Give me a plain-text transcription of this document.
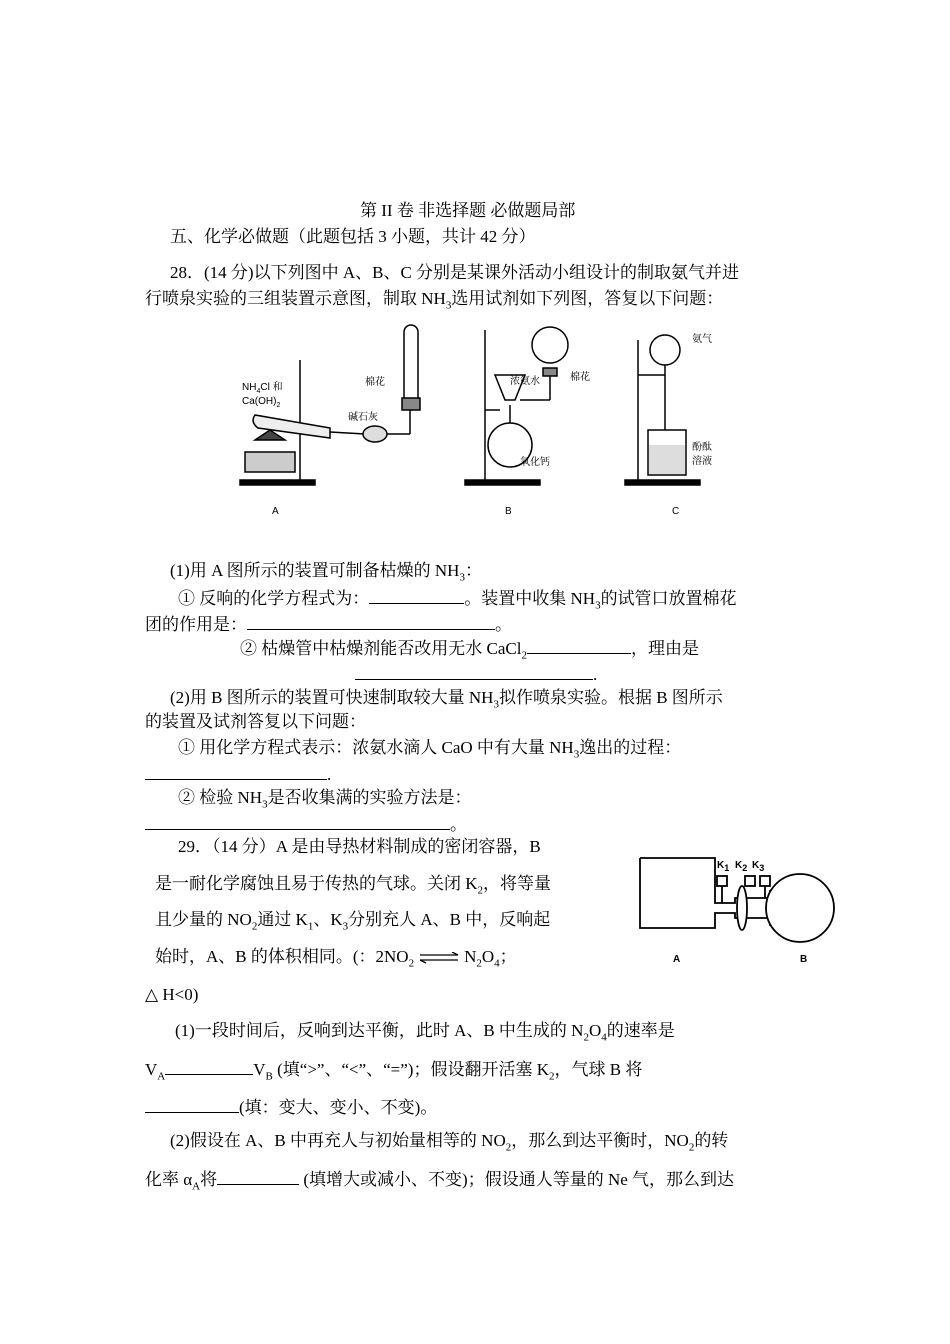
第 II 卷 非选择题 必做题局部
五、化学必做题（此题包括 3 小题，共计 42 分）
28．(14 分)以下列图中 A、B、C 分别是某课外活动小组设计的制取氨气并进
行喷泉实验的三组装置示意图，制取 $NH_3$选用试剂如下列图，答复以下问题：
$NH_4Cl$ 和
$Ca(OH)_2$
棉花
碱石灰
A
浓氨水	棉花
氧化钙
B
氨气
酚酞
溶液
C
(1)用 A 图所示的装置可制备枯燥的 $NH_3$：
① 反响的化学方程式为：	。装置中收集 $NH_3$的试管口放置棉花
团的作用是：	。
② 枯燥管中枯燥剂能否改用无水 CaCl$_2$	，理由是
.
(2)用 B 图所示的装置可快速制取较大量 $NH_3$拟作喷泉实验。根据 B 图所示
的装置及试剂答复以下问题：
① 用化学方程式表示：浓氨水滴人 CaO 中有大量 $NH_3$逸出的过程：
.
② 检验 $NH_3$是否收集满的实验方法是：
。
29．（14 分）A 是由导热材料制成的密闭容器，B
是一耐化学腐蚀且易于传热的气球。关闭 $K_2$，将等量
且少量的 $NO_2$通过 $K_1$、$K_3$分别充人 A、B 中，反响起
始时，A、B 的体积相同。(：$2NO_2$ ⇌ $N_2O_4$；
△ H<0)
K1 K2 K3
A	B
(1)一段时间后，反响到达平衡，此时 A、B 中生成的 $N_2O_4$的速率是
$V_A$	$V_B$ (填“>”、“<”、“=”)；假设翻开活塞 $K_2$，气球 B 将
(填：变大、变小、不变)。
(2)假设在 A、B 中再充人与初始量相等的 $NO_2$，那么到达平衡时，$NO_2$的转
化率 $\alpha_A$将	(填增大或减小、不变)；假设通人等量的 Ne 气，那么到达
